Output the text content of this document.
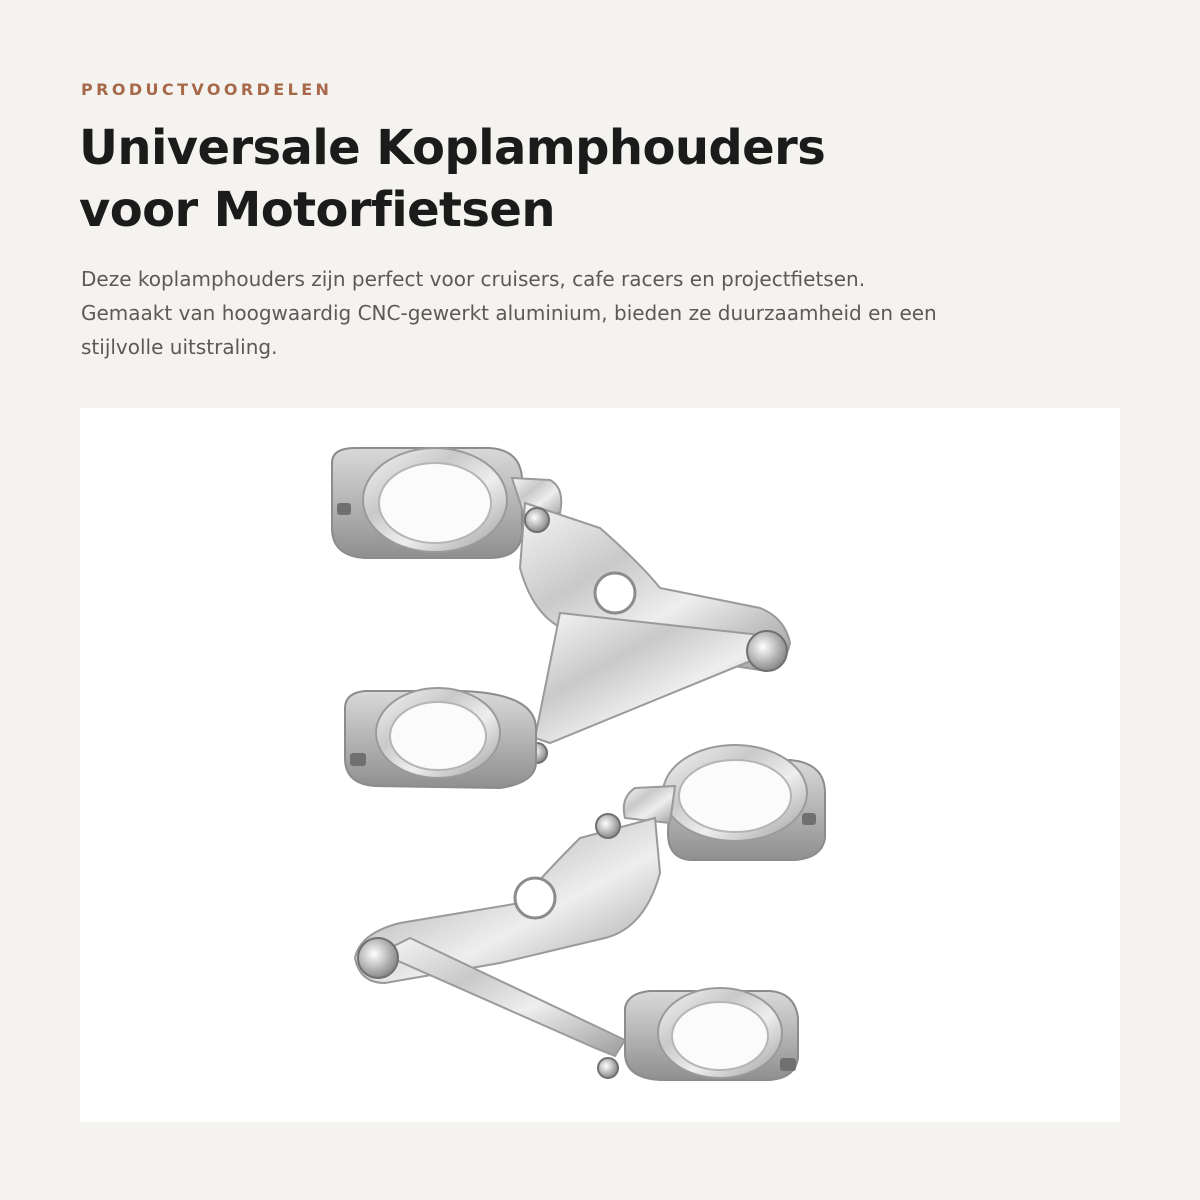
PRODUCTVOORDELEN
Universale Koplamphouders
voor Motorfietsen

Deze koplamphouders zijn perfect voor cruisers, cafe racers en projectfietsen.
Gemaakt van hoogwaardig CNC-gewerkt aluminium, bieden ze duurzaamheid en een
stijlvolle uitstraling.
